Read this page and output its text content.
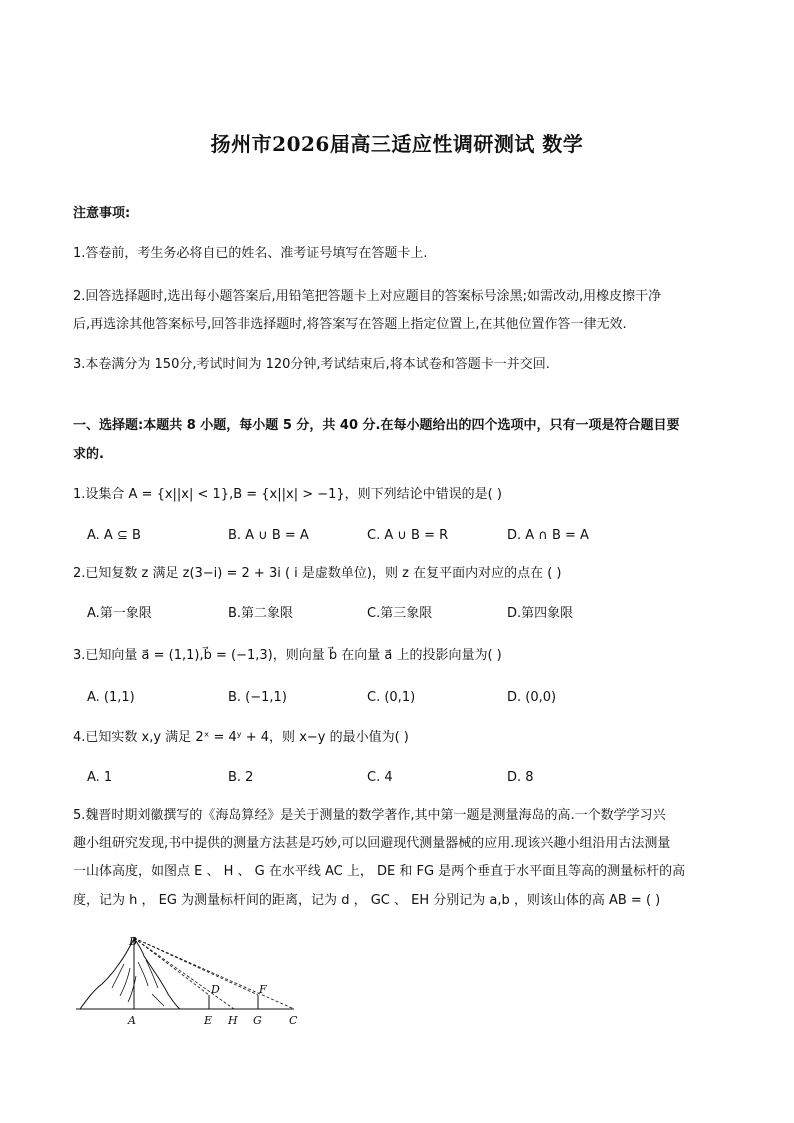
扬州市2026届高三适应性调研测试 数学
注意事项:
1.答卷前，考生务必将自已的姓名、准考证号填写在答题卡上.
2.回答选择题时,选出每小题答案后,用铅笔把答题卡上对应题目的答案标号涂黑;如需改动,用橡皮擦干净
后,再选涂其他答案标号,回答非选择题时,将答案写在答题上指定位置上,在其他位置作答一律无效.
3.本卷满分为 150分,考试时间为 120分钟,考试结束后,将本试卷和答题卡一并交回.
一、选择题:本题共 8 小题，每小题 5 分，共 40 分.在每小题给出的四个选项中，只有一项是符合题目要
求的.
1.设集合 A = {x||x| < 1},B = {x||x| > −1}，则下列结论中错误的是( )
A. A ⊆ B	B. A ∪ B = A	C. A ∪ B = R	D. A ∩ B = A
2.已知复数 z 满足 z(3−i) = 2 + 3i ( i 是虚数单位)，则 z 在复平面内对应的点在 ( )
A.第一象限	B.第二象限	C.第三象限	D.第四象限
3.已知向量 a⃗ = (1,1),b⃗ = (−1,3)，则向量 b⃗ 在向量 a⃗ 上的投影向量为( )
A. (1,1)	B. (−1,1)	C. (0,1)	D. (0,0)
4.已知实数 x,y 满足 2ˣ = 4ʸ + 4，则 x−y 的最小值为( )
A. 1	B. 2	C. 4	D. 8
5.魏晋时期刘徽撰写的《海岛算经》是关于测量的数学著作,其中第一题是测量海岛的高.一个数学学习兴
趣小组研究发现,书中提供的测量方法甚是巧妙,可以回避现代测量器械的应用.现该兴趣小组沿用古法测量
一山体高度，如图点 E 、 H 、 G 在水平线 AC 上， DE 和 FG 是两个垂直于水平面且等高的测量标杆的高
度，记为 h ， EG 为测量标杆间的距离，记为 d ， GC 、 EH 分别记为 a,b ，则该山体的高 AB = ( )
B
A
D	F
E H G C
